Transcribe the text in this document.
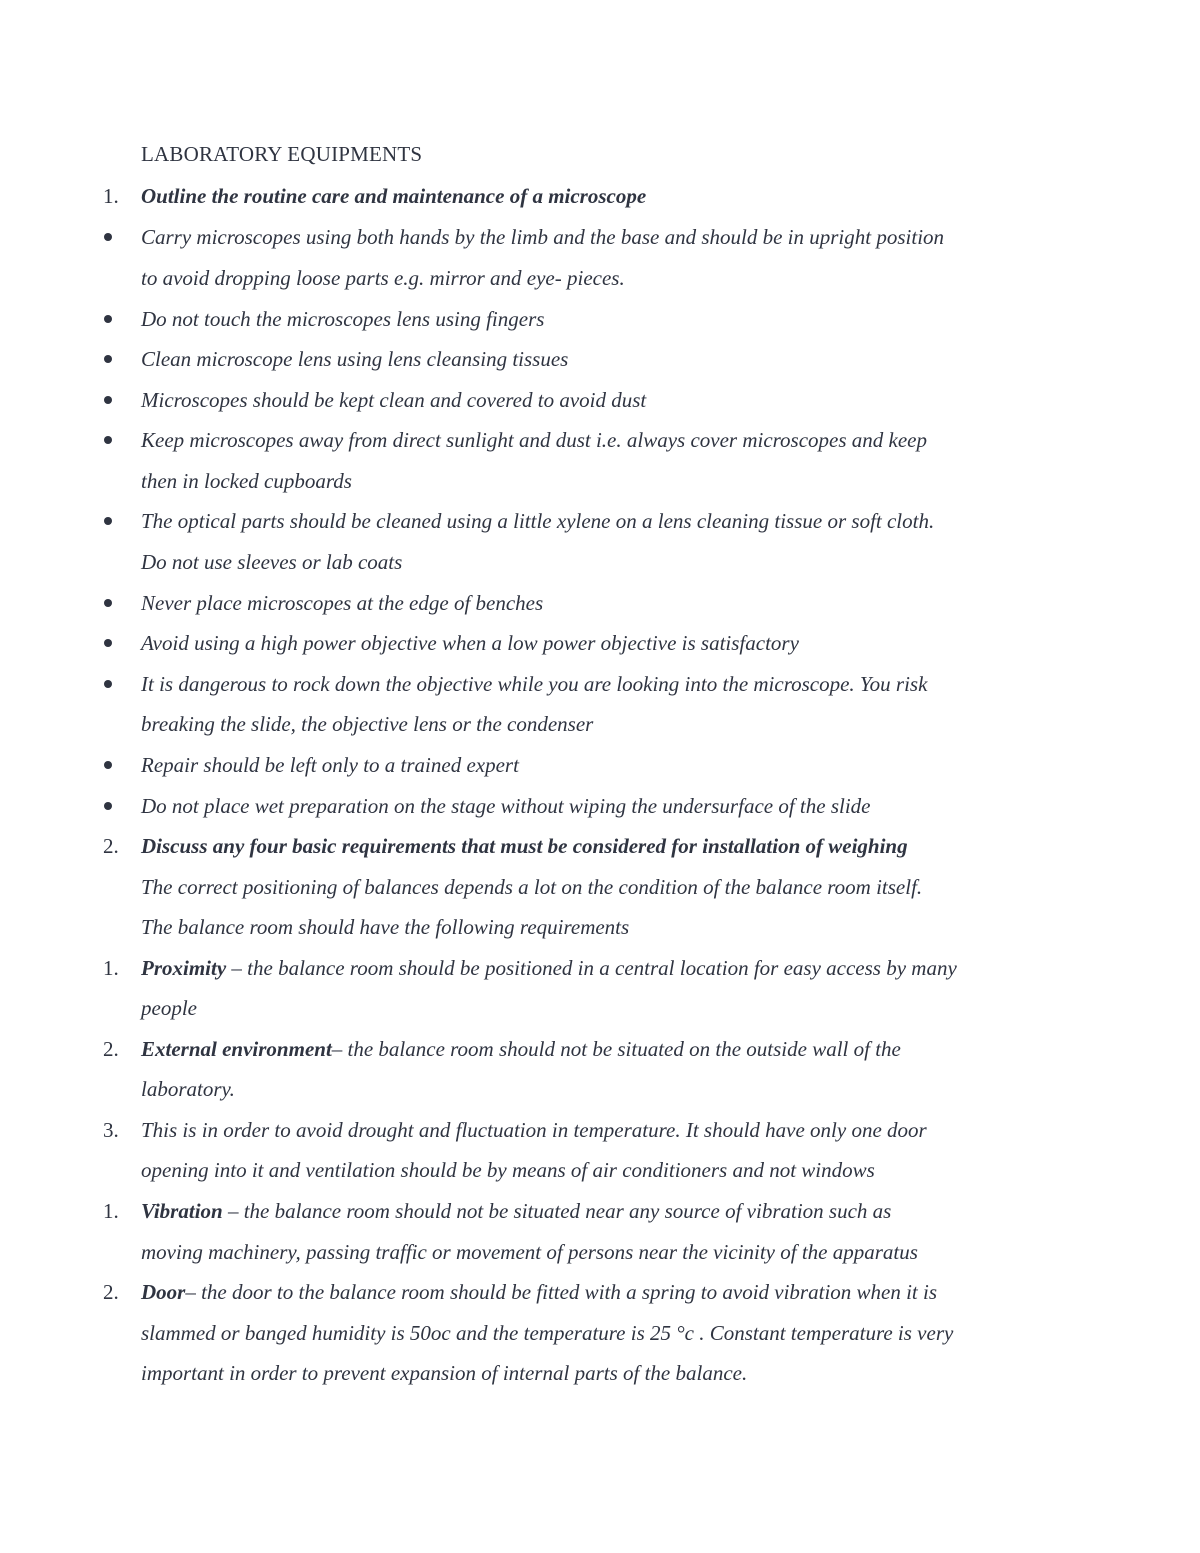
LABORATORY EQUIPMENTS
1. Outline the routine care and maintenance of a microscope
Carry microscopes using both hands by the limb and the base and should be in upright position
to avoid dropping loose parts e.g. mirror and eye- pieces.
Do not touch the microscopes lens using fingers
Clean microscope lens using lens cleansing tissues
Microscopes should be kept clean and covered to avoid dust
Keep microscopes away from direct sunlight and dust i.e. always cover microscopes and keep
then in locked cupboards
The optical parts should be cleaned using a little xylene on a lens cleaning tissue or soft cloth.
Do not use sleeves or lab coats
Never place microscopes at the edge of benches
Avoid using a high power objective when a low power objective is satisfactory
It is dangerous to rock down the objective while you are looking into the microscope. You risk
breaking the slide, the objective lens or the condenser
Repair should be left only to a trained expert
Do not place wet preparation on the stage without wiping the undersurface of the slide
2. Discuss any four basic requirements that must be considered for installation of weighing
The correct positioning of balances depends a lot on the condition of the balance room itself.
The balance room should have the following requirements
1. Proximity – the balance room should be positioned in a central location for easy access by many
people
2. External environment– the balance room should not be situated on the outside wall of the
laboratory.
3. This is in order to avoid drought and fluctuation in temperature. It should have only one door
opening into it and ventilation should be by means of air conditioners and not windows
1. Vibration – the balance room should not be situated near any source of vibration such as
moving machinery, passing traffic or movement of persons near the vicinity of the apparatus
2. Door– the door to the balance room should be fitted with a spring to avoid vibration when it is
slammed or banged humidity is 50oc and the temperature is 25 °c . Constant temperature is very
important in order to prevent expansion of internal parts of the balance.
